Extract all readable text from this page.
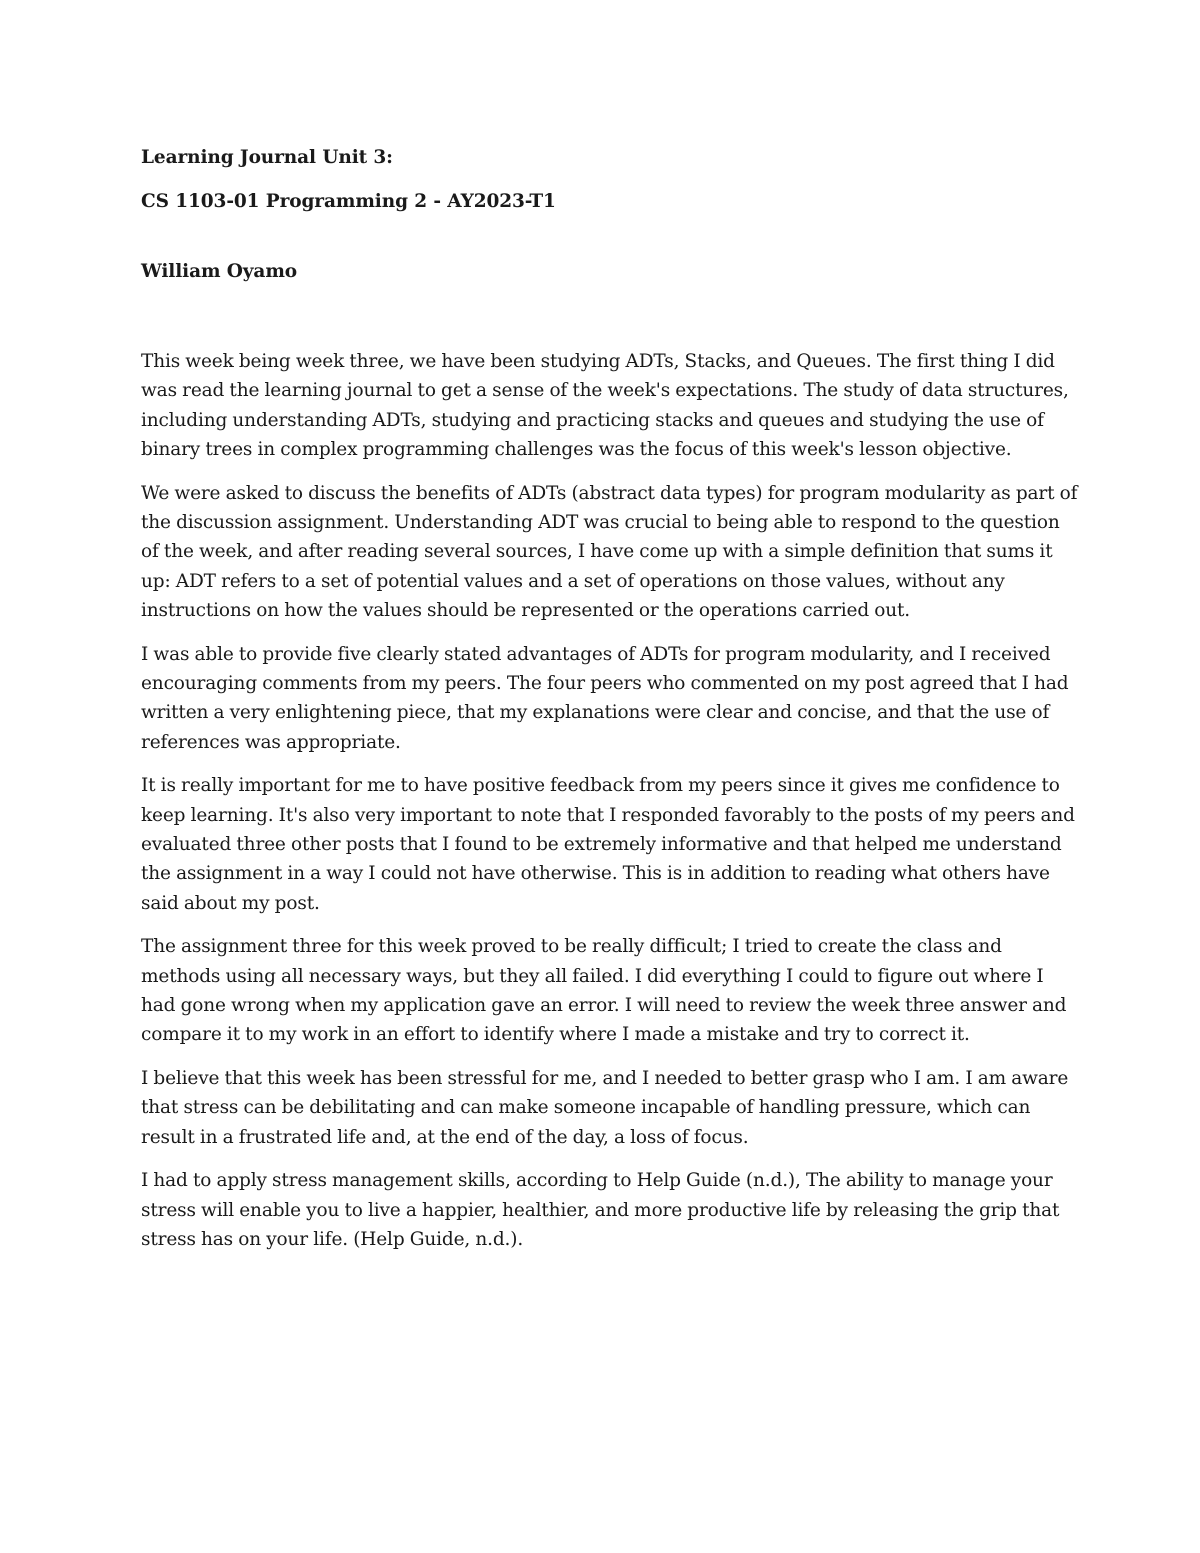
Learning Journal Unit 3:
CS 1103-01 Programming 2 - AY2023-T1
William Oyamo

This week being week three, we have been studying ADTs, Stacks, and Queues. The first thing I did was read the learning journal to get a sense of the week's expectations. The study of data structures, including understanding ADTs, studying and practicing stacks and queues and studying the use of binary trees in complex programming challenges was the focus of this week's lesson objective.

We were asked to discuss the benefits of ADTs (abstract data types) for program modularity as part of the discussion assignment. Understanding ADT was crucial to being able to respond to the question of the week, and after reading several sources, I have come up with a simple definition that sums it up: ADT refers to a set of potential values and a set of operations on those values, without any instructions on how the values should be represented or the operations carried out.

I was able to provide five clearly stated advantages of ADTs for program modularity, and I received encouraging comments from my peers. The four peers who commented on my post agreed that I had written a very enlightening piece, that my explanations were clear and concise, and that the use of references was appropriate.

It is really important for me to have positive feedback from my peers since it gives me confidence to keep learning. It's also very important to note that I responded favorably to the posts of my peers and evaluated three other posts that I found to be extremely informative and that helped me understand the assignment in a way I could not have otherwise. This is in addition to reading what others have said about my post.

The assignment three for this week proved to be really difficult; I tried to create the class and methods using all necessary ways, but they all failed. I did everything I could to figure out where I had gone wrong when my application gave an error. I will need to review the week three answer and compare it to my work in an effort to identify where I made a mistake and try to correct it.

I believe that this week has been stressful for me, and I needed to better grasp who I am. I am aware that stress can be debilitating and can make someone incapable of handling pressure, which can result in a frustrated life and, at the end of the day, a loss of focus.

I had to apply stress management skills, according to Help Guide (n.d.), The ability to manage your stress will enable you to live a happier, healthier, and more productive life by releasing the grip that stress has on your life. (Help Guide, n.d.).
